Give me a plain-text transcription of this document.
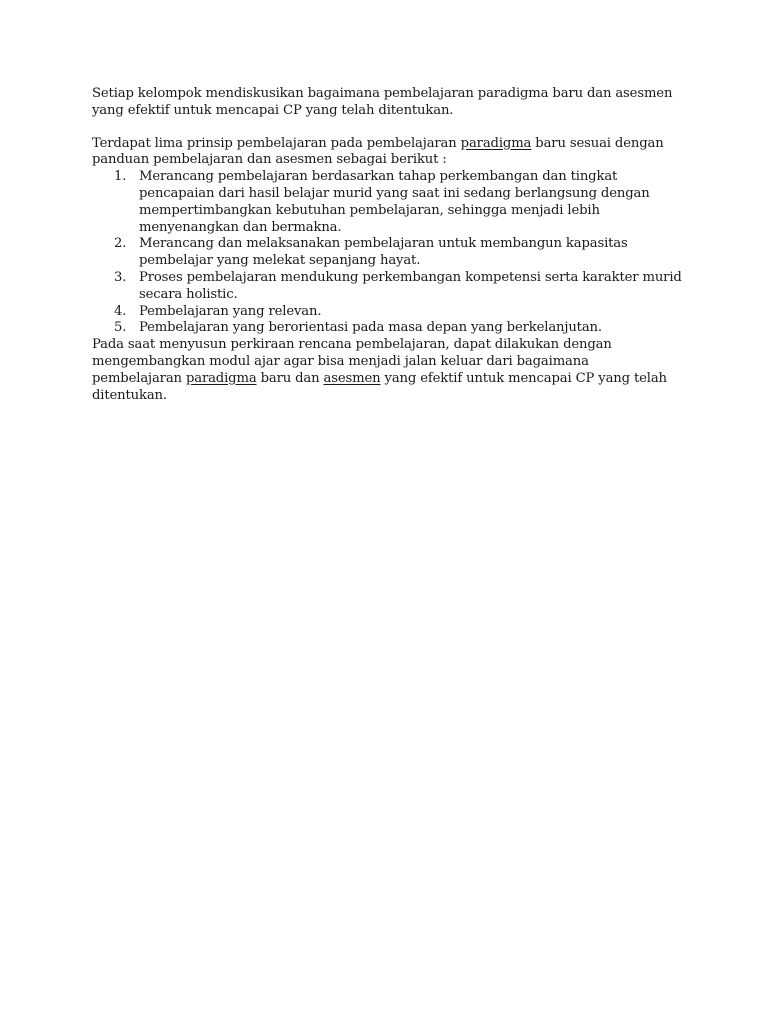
Setiap kelompok mendiskusikan bagaimana pembelajaran paradigma baru dan asesmen yang efektif untuk mencapai CP yang telah ditentukan.

Terdapat lima prinsip pembelajaran pada pembelajaran paradigma baru sesuai dengan panduan pembelajaran dan asesmen sebagai berikut :

1. Merancang pembelajaran berdasarkan tahap perkembangan dan tingkat pencapaian dari hasil belajar murid yang saat ini sedang berlangsung dengan mempertimbangkan kebutuhan pembelajaran, sehingga menjadi lebih menyenangkan dan bermakna.
2. Merancang dan melaksanakan pembelajaran untuk membangun kapasitas pembelajar yang melekat sepanjang hayat.
3. Proses pembelajaran mendukung perkembangan kompetensi serta karakter murid secara holistic.
4. Pembelajaran yang relevan.
5. Pembelajaran yang berorientasi pada masa depan yang berkelanjutan.

Pada saat menyusun perkiraan rencana pembelajaran, dapat dilakukan dengan mengembangkan modul ajar agar bisa menjadi jalan keluar dari bagaimana pembelajaran paradigma baru dan asesmen yang efektif untuk mencapai CP yang telah ditentukan.
